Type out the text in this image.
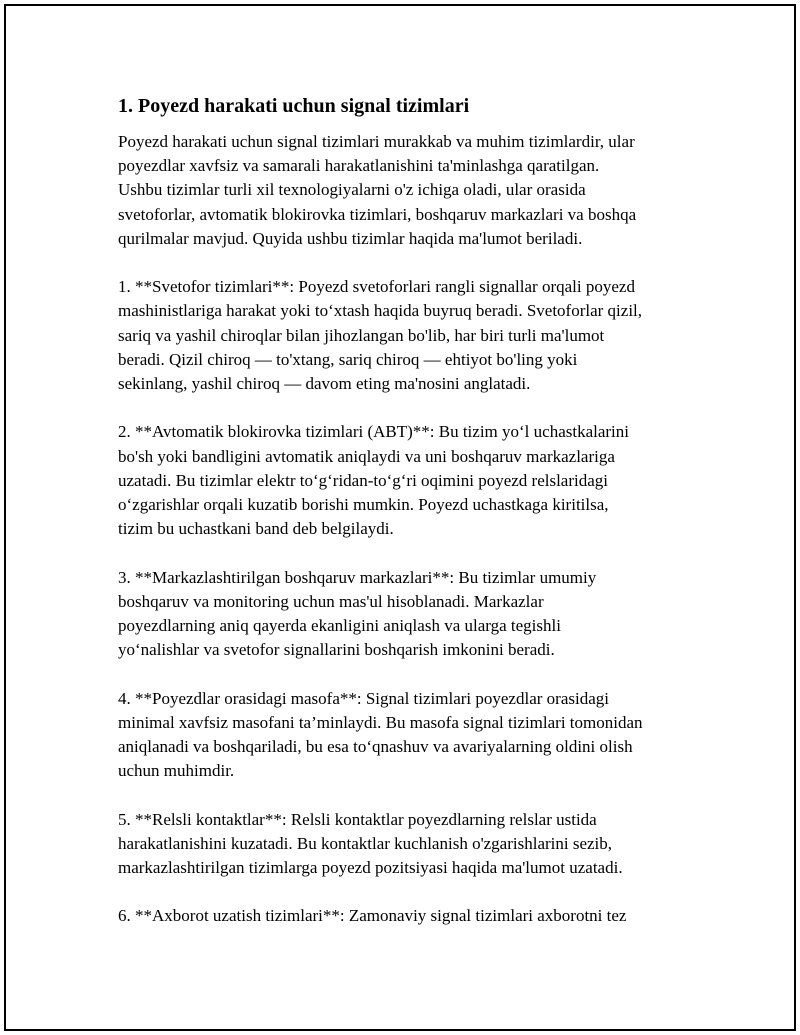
1. Poyezd harakati uchun signal tizimlari
Poyezd harakati uchun signal tizimlari murakkab va muhim tizimlardir, ular
poyezdlar xavfsiz va samarali harakatlanishini ta'minlashga qaratilgan.
Ushbu tizimlar turli xil texnologiyalarni o'z ichiga oladi, ular orasida
svetoforlar, avtomatik blokirovka tizimlari, boshqaruv markazlari va boshqa
qurilmalar mavjud. Quyida ushbu tizimlar haqida ma'lumot beriladi.
1. **Svetofor tizimlari**: Poyezd svetoforlari rangli signallar orqali poyezd
mashinistlariga harakat yoki to‘xtash haqida buyruq beradi. Svetoforlar qizil,
sariq va yashil chiroqlar bilan jihozlangan bo'lib, har biri turli ma'lumot
beradi. Qizil chiroq — to'xtang, sariq chiroq — ehtiyot bo'ling yoki
sekinlang, yashil chiroq — davom eting ma'nosini anglatadi.
2. **Avtomatik blokirovka tizimlari (ABT)**: Bu tizim yo‘l uchastkalarini
bo'sh yoki bandligini avtomatik aniqlaydi va uni boshqaruv markazlariga
uzatadi. Bu tizimlar elektr to‘g‘ridan-to‘g‘ri oqimini poyezd relslaridagi
o‘zgarishlar orqali kuzatib borishi mumkin. Poyezd uchastkaga kiritilsa,
tizim bu uchastkani band deb belgilaydi.
3. **Markazlashtirilgan boshqaruv markazlari**: Bu tizimlar umumiy
boshqaruv va monitoring uchun mas'ul hisoblanadi. Markazlar
poyezdlarning aniq qayerda ekanligini aniqlash va ularga tegishli
yo‘nalishlar va svetofor signallarini boshqarish imkonini beradi.
4. **Poyezdlar orasidagi masofa**: Signal tizimlari poyezdlar orasidagi
minimal xavfsiz masofani ta’minlaydi. Bu masofa signal tizimlari tomonidan
aniqlanadi va boshqariladi, bu esa to‘qnashuv va avariyalarning oldini olish
uchun muhimdir.
5. **Relsli kontaktlar**: Relsli kontaktlar poyezdlarning relslar ustida
harakatlanishini kuzatadi. Bu kontaktlar kuchlanish o'zgarishlarini sezib,
markazlashtirilgan tizimlarga poyezd pozitsiyasi haqida ma'lumot uzatadi.
6. **Axborot uzatish tizimlari**: Zamonaviy signal tizimlari axborotni tez
